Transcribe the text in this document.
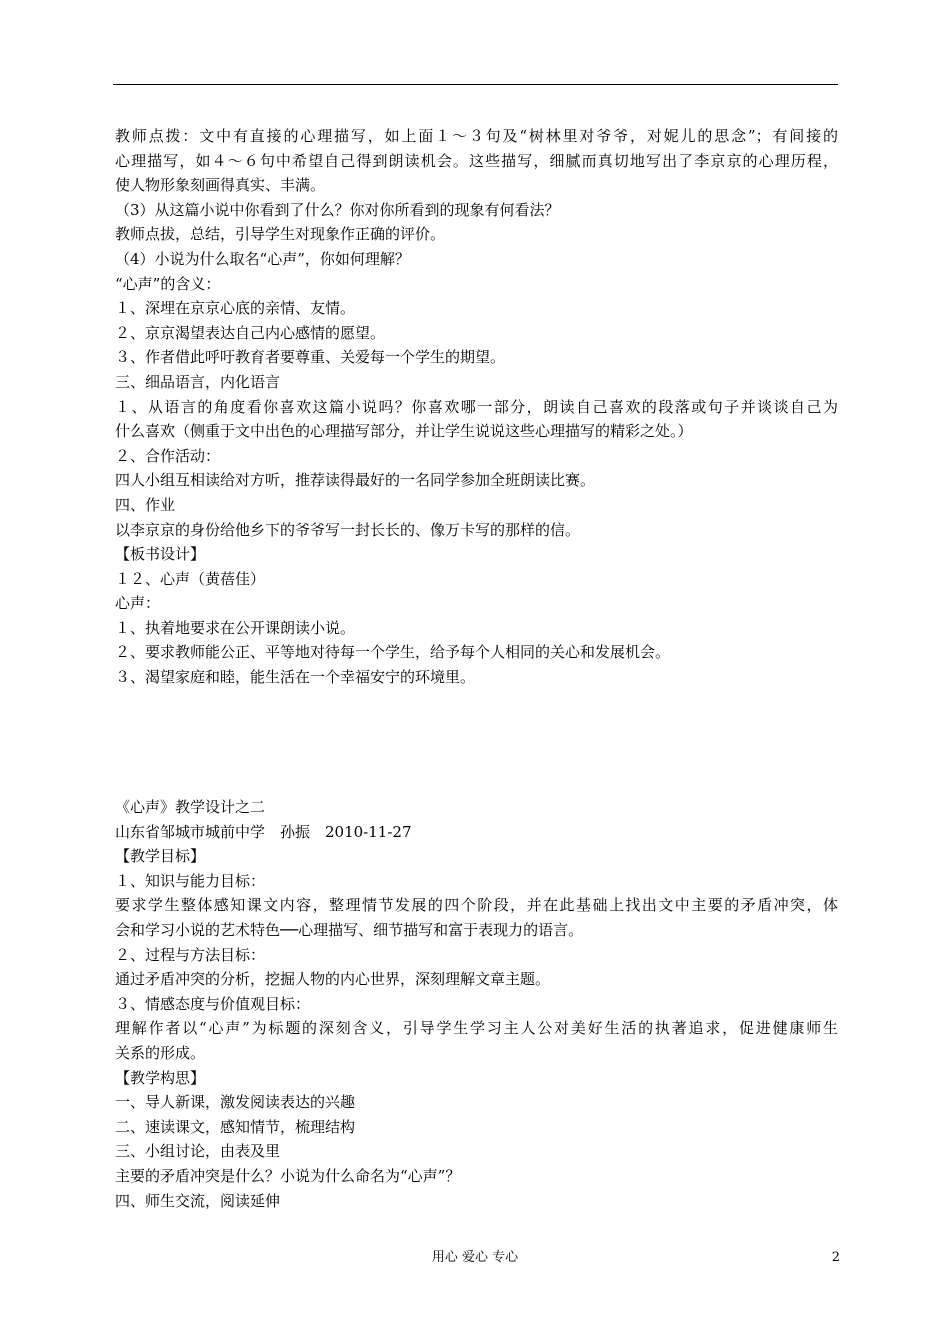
教师点拨：文中有直接的心理描写，如上面１～３句及“树林里对爷爷，对妮儿的思念”；有间接的
心理描写，如４～６句中希望自己得到朗读机会。这些描写，细腻而真切地写出了李京京的心理历程，
使人物形象刻画得真实、丰满。
（3）从这篇小说中你看到了什么？你对你所看到的现象有何看法？
教师点拔，总结，引导学生对现象作正确的评价。
（4）小说为什么取名“心声”，你如何理解？
“心声”的含义：
１、深埋在京京心底的亲情、友情。
２、京京渴望表达自己内心感情的愿望。
３、作者借此呼吁教育者要尊重、关爱每一个学生的期望。
三、细品语言，内化语言
１、从语言的角度看你喜欢这篇小说吗？你喜欢哪一部分，朗读自己喜欢的段落或句子并谈谈自己为
什么喜欢（侧重于文中出色的心理描写部分，并让学生说说这些心理描写的精彩之处。）
２、合作活动：
四人小组互相读给对方听，推荐读得最好的一名同学参加全班朗读比赛。
四、作业
以李京京的身份给他乡下的爷爷写一封长长的、像万卡写的那样的信。
【板书设计】
１２、心声（黄蓓佳）
心声：
１、执着地要求在公开课朗读小说。
２、要求教师能公正、平等地对待每一个学生，给予每个人相同的关心和发展机会。
３、渴望家庭和睦，能生活在一个幸福安宁的环境里。
《心声》教学设计之二
山东省邹城市城前中学　孙振　2010-11-27
【教学目标】
１、知识与能力目标：
要求学生整体感知课文内容，整理情节发展的四个阶段，并在此基础上找出文中主要的矛盾冲突，体
会和学习小说的艺术特色──心理描写、细节描写和富于表现力的语言。
２、过程与方法目标：
通过矛盾冲突的分析，挖掘人物的内心世界，深刻理解文章主题。
３、情感态度与价值观目标：
理解作者以“心声”为标题的深刻含义，引导学生学习主人公对美好生活的执著追求，促进健康师生
关系的形成。
【教学构思】
一、导人新课，激发阅读表达的兴趣
二、速读课文，感知情节，梳理结构
三、小组讨论，由表及里
主要的矛盾冲突是什么？小说为什么命名为“心声”？
四、师生交流，阅读延伸
用心 爱心 专心	2
